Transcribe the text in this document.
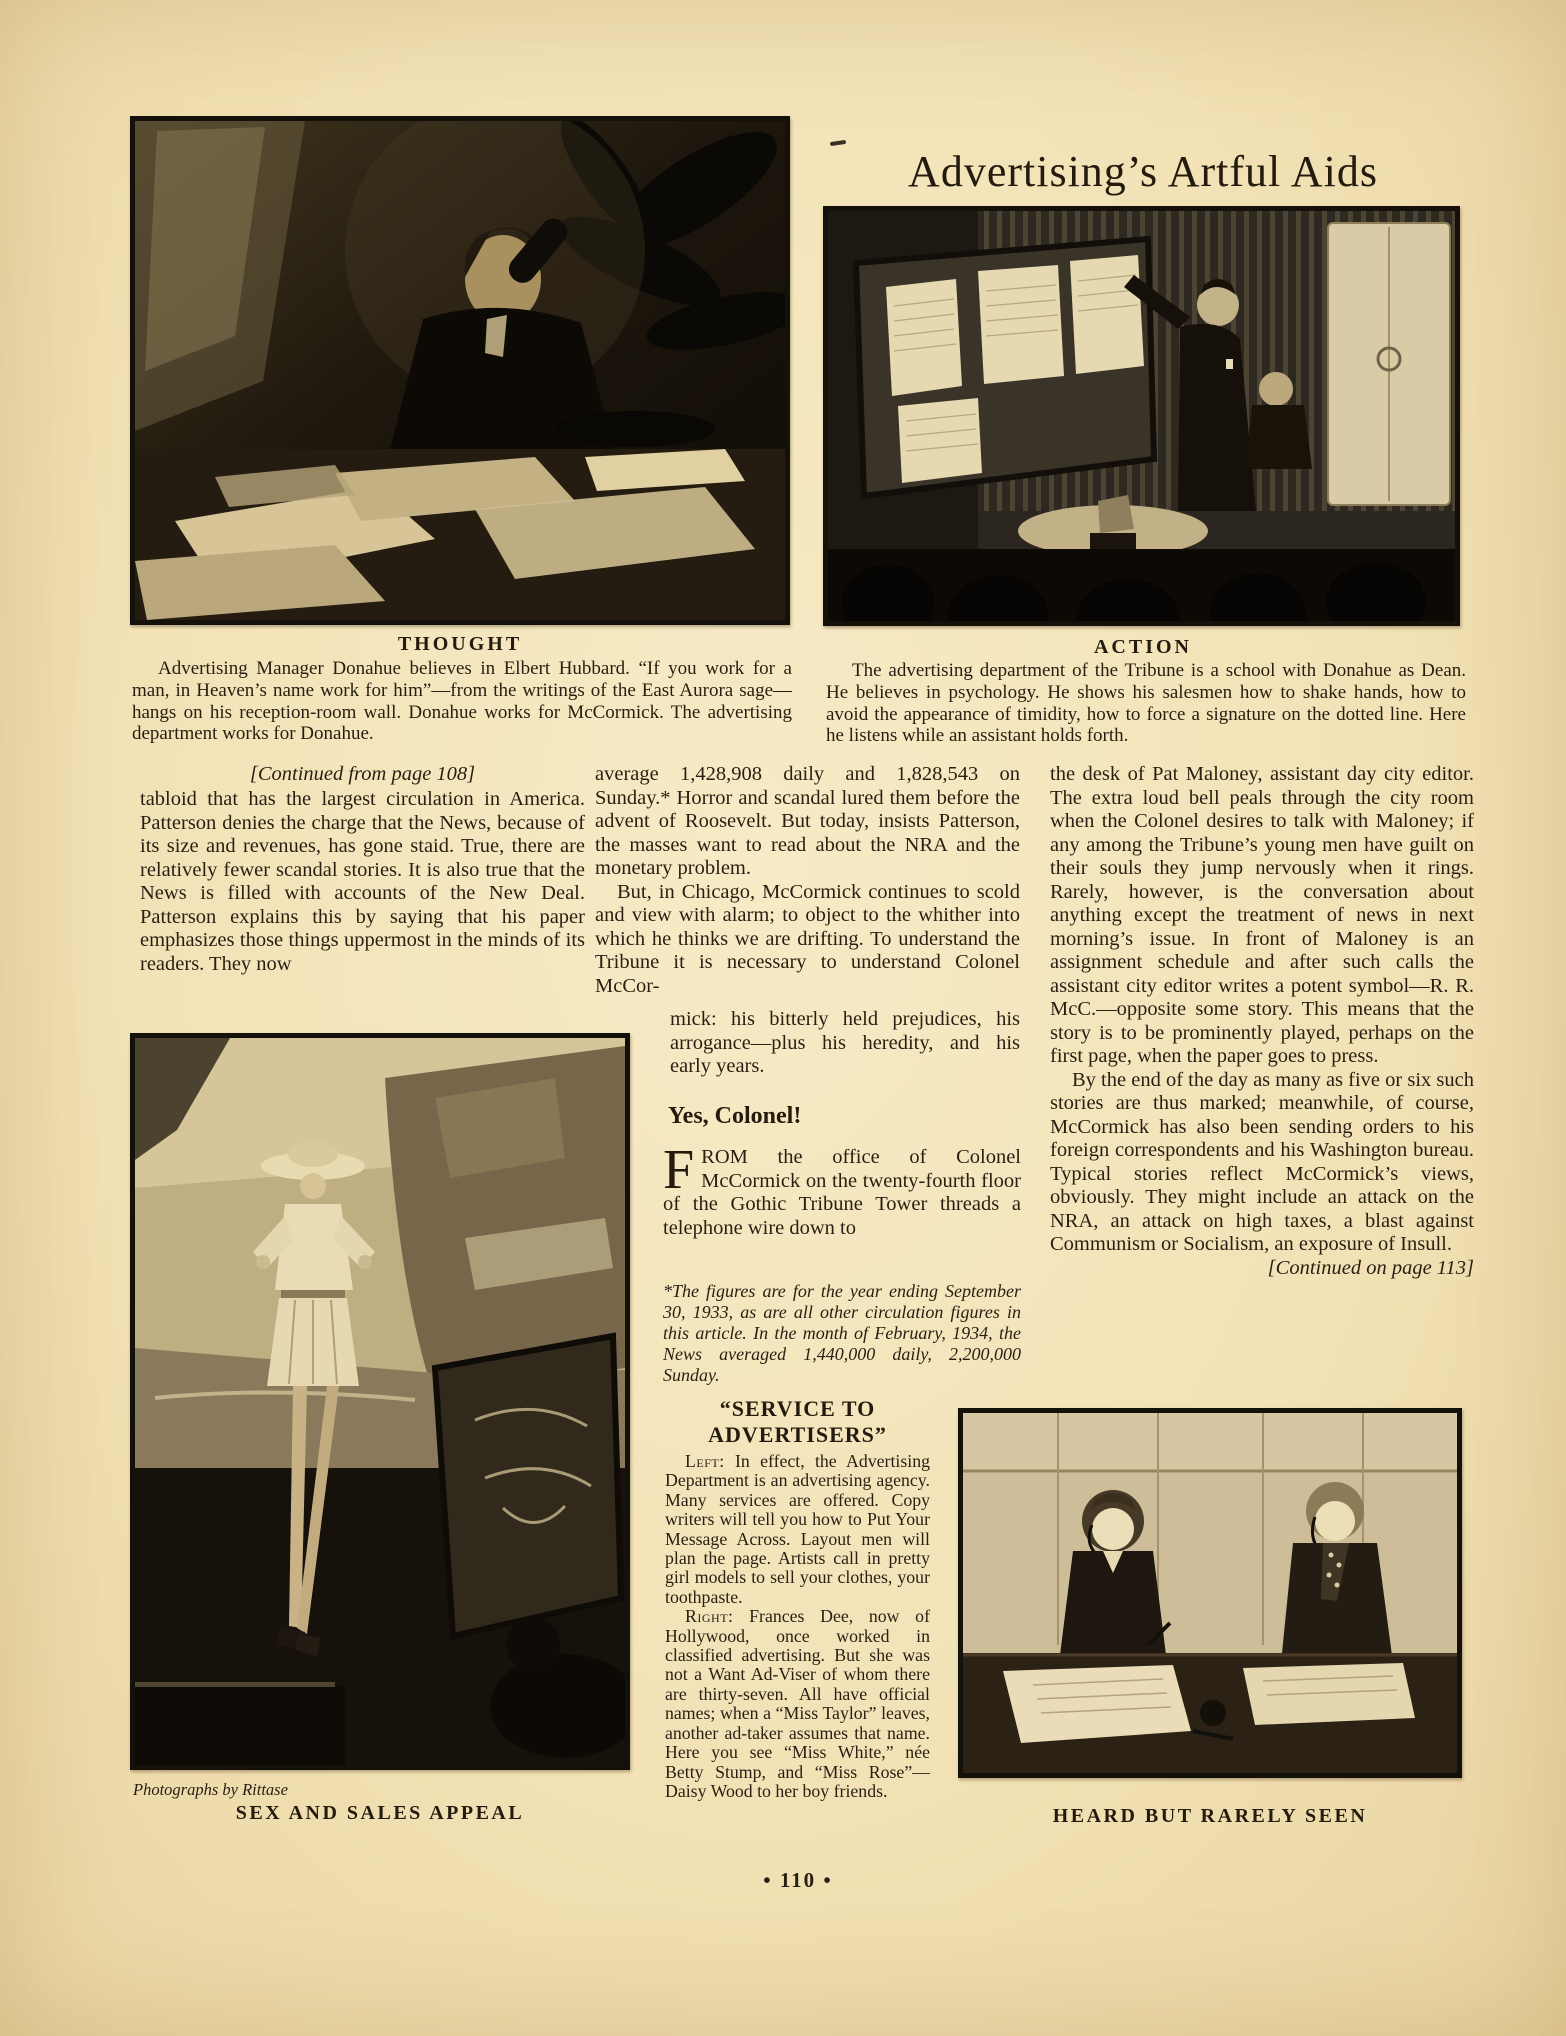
Advertising’s Artful Aids
THOUGHT
Advertising Manager Donahue believes in Elbert Hubbard. “If you work for a man, in Heaven’s name work for him”—from the writings of the East Aurora sage—hangs on his reception-room wall. Donahue works for McCormick. The advertising department works for Donahue.
ACTION
The advertising department of the Tribune is a school with Donahue as Dean. He believes in psychology. He shows his salesmen how to shake hands, how to avoid the appearance of timidity, how to force a signature on the dotted line. Here he listens while an assistant holds forth.
[Continued from page 108]

tabloid that has the largest circulation in America. Patterson denies the charge that the News, because of its size and revenues, has gone staid. True, there are relatively fewer scandal stories. It is also true that the News is filled with accounts of the New Deal. Patterson explains this by saying that his paper emphasizes those things uppermost in the minds of its readers. They now

average 1,428,908 daily and 1,828,543 on Sunday.* Horror and scandal lured them before the advent of Roosevelt. But today, insists Patterson, the masses want to read about the NRA and the monetary problem.

But, in Chicago, McCormick continues to scold and view with alarm; to object to the whither into which he thinks we are drifting. To understand the Tribune it is necessary to understand Colonel McCor-

mick: his bitterly held prejudices, his arrogance—plus his heredity, and his early years.

Yes, Colonel!

FROM the office of Colonel McCormick on the twenty-fourth floor of the Gothic Tribune Tower threads a telephone wire down to

*The figures are for the year ending September 30, 1933, as are all other circulation figures in this article. In the month of February, 1934, the News averaged 1,440,000 daily, 2,200,000 Sunday.
“SERVICE TO
ADVERTISERS”

Left: In effect, the Advertising Department is an advertising agency. Many services are offered. Copy writers will tell you how to Put Your Message Across. Layout men will plan the page. Artists call in pretty girl models to sell your clothes, your toothpaste.

Right: Frances Dee, now of Hollywood, once worked in classified advertising. But she was not a Want Ad-Viser of whom there are thirty-seven. All have official names; when a “Miss Taylor” leaves, another ad-taker assumes that name. Here you see “Miss White,” née Betty Stump, and “Miss Rose”—Daisy Wood to her boy friends.

the desk of Pat Maloney, assistant day city editor. The extra loud bell peals through the city room when the Colonel desires to talk with Maloney; if any among the Tribune’s young men have guilt on their souls they jump nervously when it rings. Rarely, however, is the conversation about anything except the treatment of news in next morning’s issue. In front of Maloney is an assignment schedule and after such calls the assistant city editor writes a potent symbol—R. R. McC.—opposite some story. This means that the story is to be prominently played, perhaps on the first page, when the paper goes to press.

By the end of the day as many as five or six such stories are thus marked; meanwhile, of course, McCormick has also been sending orders to his foreign correspondents and his Washington bureau. Typical stories reflect McCormick’s views, obviously. They might include an attack on the NRA, an attack on high taxes, a blast against Communism or Socialism, an exposure of Insull.

[Continued on page 113]

Photographs by Rittase
SEX AND SALES APPEAL	HEARD BUT RARELY SEEN
• 110 •
